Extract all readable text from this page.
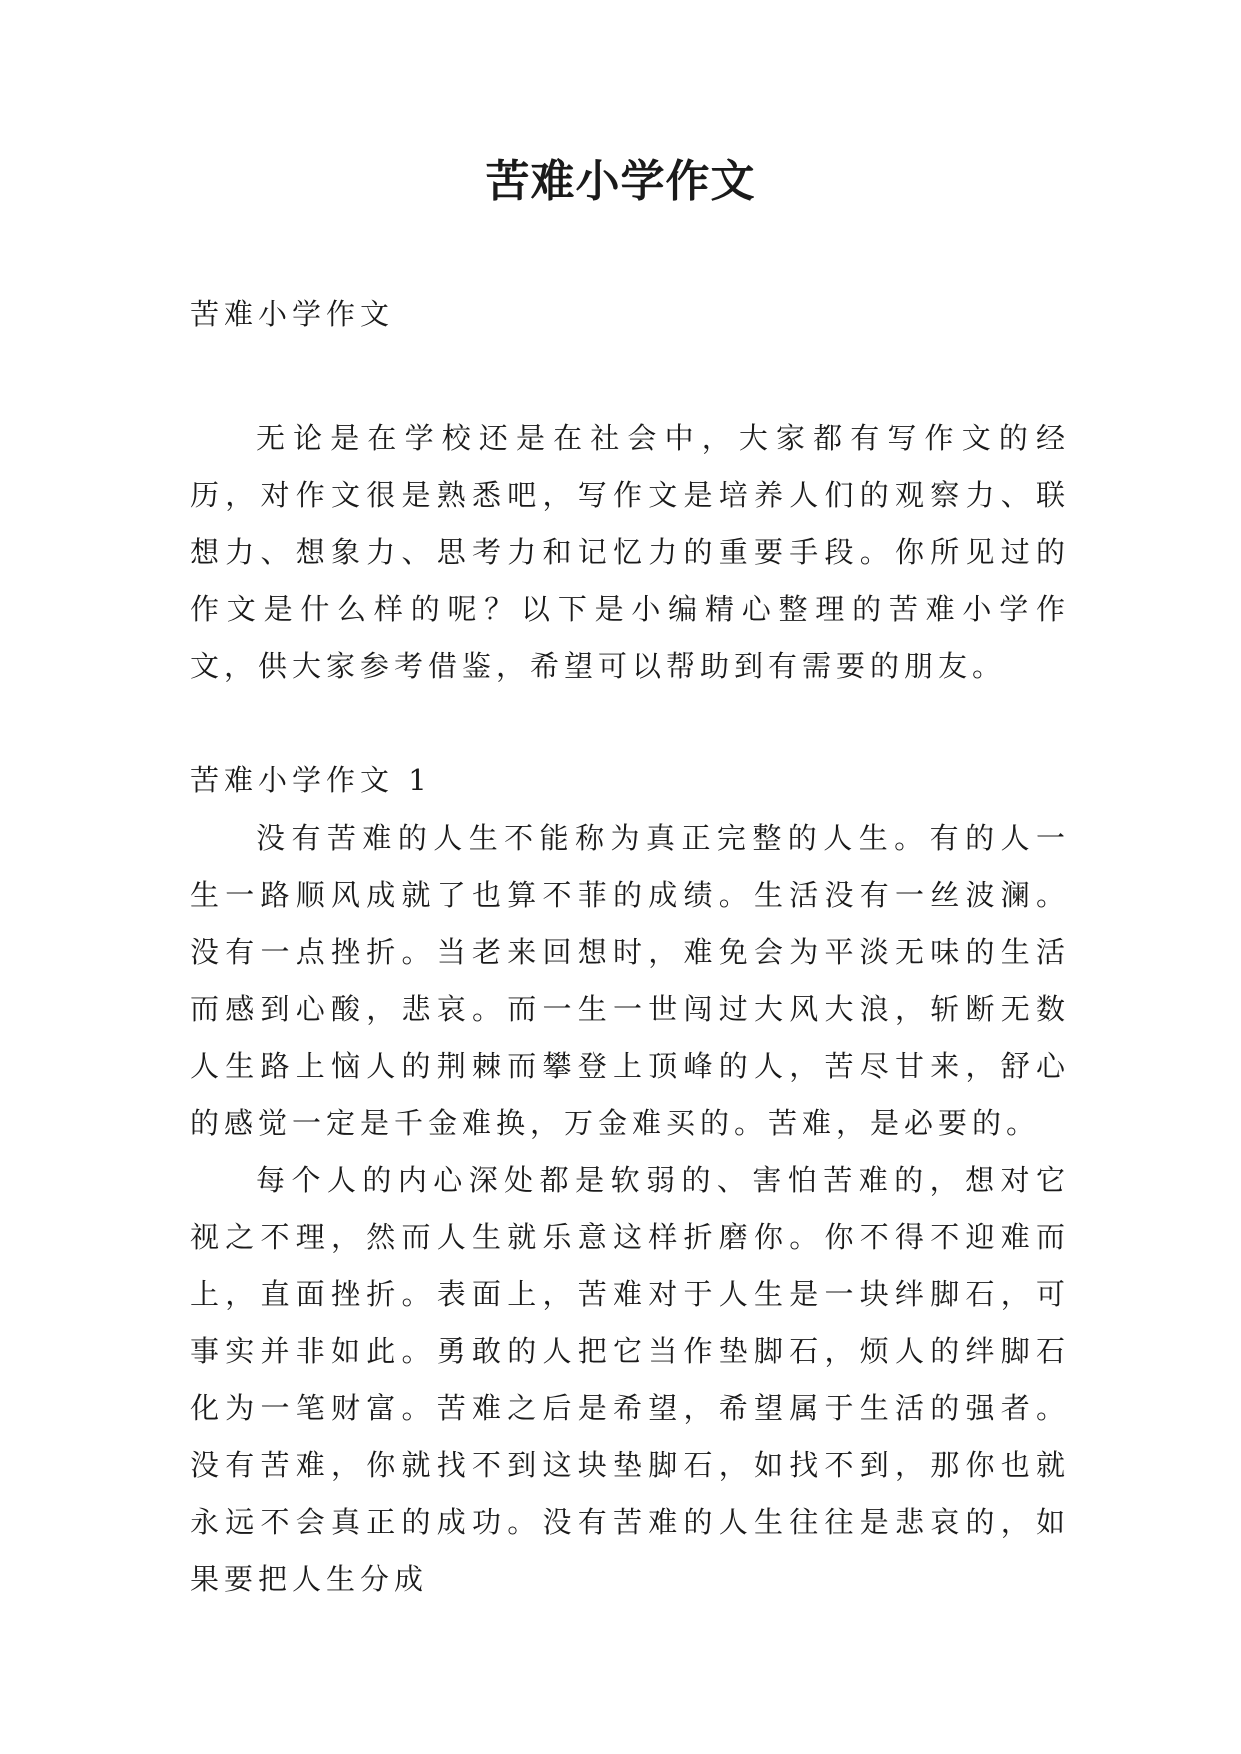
苦难小学作文

苦难小学作文

无论是在学校还是在社会中，大家都有写作文的经历，对作文很是熟悉吧，写作文是培养人们的观察力、联想力、想象力、思考力和记忆力的重要手段。你所见过的作文是什么样的呢？以下是小编精心整理的苦难小学作文，供大家参考借鉴，希望可以帮助到有需要的朋友。

苦难小学作文 1

没有苦难的人生不能称为真正完整的人生。有的人一生一路顺风成就了也算不菲的成绩。生活没有一丝波澜。没有一点挫折。当老来回想时，难免会为平淡无味的生活而感到心酸，悲哀。而一生一世闯过大风大浪，斩断无数人生路上恼人的荆棘而攀登上顶峰的人，苦尽甘来，舒心的感觉一定是千金难换，万金难买的。苦难，是必要的。

每个人的内心深处都是软弱的、害怕苦难的，想对它视之不理，然而人生就乐意这样折磨你。你不得不迎难而上，直面挫折。表面上，苦难对于人生是一块绊脚石，可事实并非如此。勇敢的人把它当作垫脚石，烦人的绊脚石化为一笔财富。苦难之后是希望，希望属于生活的强者。没有苦难，你就找不到这块垫脚石，如找不到，那你也就永远不会真正的成功。没有苦难的人生往往是悲哀的，如果要把人生分成
